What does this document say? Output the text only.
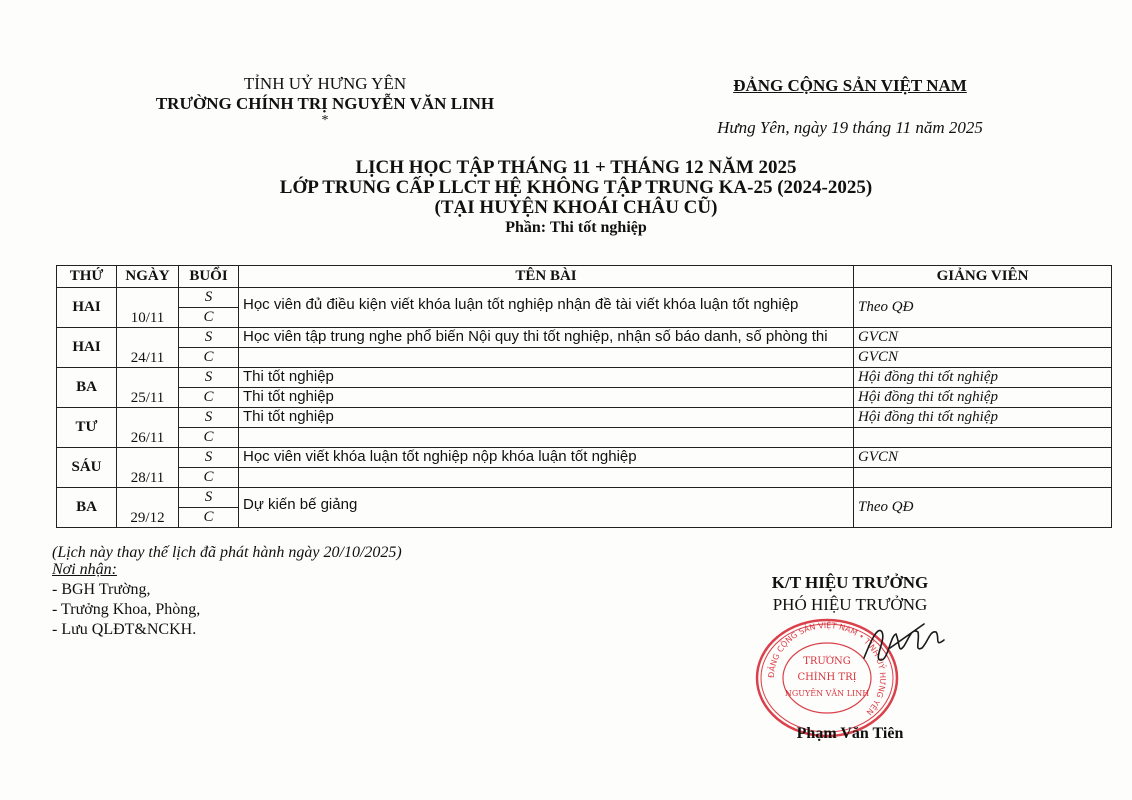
TỈNH UỶ HƯNG YÊN
TRƯỜNG CHÍNH TRỊ NGUYỄN VĂN LINH
*
ĐẢNG CỘNG SẢN VIỆT NAM
Hưng Yên, ngày 19 tháng 11 năm 2025
LỊCH HỌC TẬP THÁNG 11 + THÁNG 12 NĂM 2025
LỚP TRUNG CẤP LLCT HỆ KHÔNG TẬP TRUNG KA-25 (2024-2025)
(TẠI HUYỆN KHOÁI CHÂU CŨ)
Phần: Thi tốt nghiệp
THỨ	NGÀY	BUỔI	TÊN BÀI	GIẢNG VIÊN
HAI	10/11	S	Học viên đủ điều kiện viết khóa luận tốt nghiệp nhận đề tài viết khóa luận tốt nghiệp	Theo QĐ
		C		
HAI	24/11	S	Học viên tập trung nghe phổ biến Nội quy thi tốt nghiệp, nhận số báo danh, số phòng thi	GVCN
		C		GVCN
BA	25/11	S	Thi tốt nghiệp	Hội đồng thi tốt nghiệp
		C	Thi tốt nghiệp	Hội đồng thi tốt nghiệp
TƯ	26/11	S	Thi tốt nghiệp	Hội đồng thi tốt nghiệp
		C		
SÁU	28/11	S	Học viên viết khóa luận tốt nghiệp nộp khóa luận tốt nghiệp	GVCN
		C		
BA	29/12	S	Dự kiến bế giảng	Theo QĐ
		C		
(Lịch này thay thế lịch đã phát hành ngày 20/10/2025)
Nơi nhận:
- BGH Trường,
- Trưởng Khoa, Phòng,
- Lưu QLĐT&NCKH.
K/T HIỆU TRƯỞNG
PHÓ HIỆU TRƯỞNG
ĐẢNG CỘNG SẢN VIỆT NAM • TỈNH UỶ HƯNG YÊN
TRƯỜNG
CHÍNH TRỊ
NGUYỄN VĂN LINH
Phạm Văn Tiên
